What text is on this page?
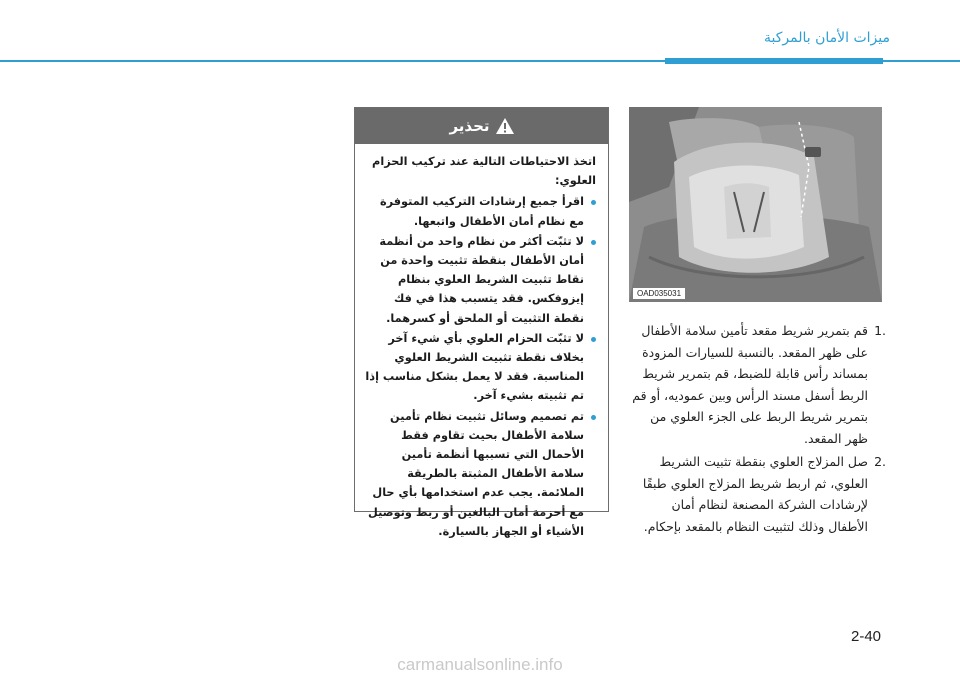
ميزات الأمان بالمركبة
OAD035031
.1
قم بتمرير شريط مقعد تأمين سلامة الأطفال على ظهر المقعد. بالنسبة للسيارات المزودة بمساند رأس قابلة للضبط، قم بتمرير شريط الربط أسفل مسند الرأس وبين عموديه، أو قم بتمرير شريط الربط على الجزء العلوي من ظهر المقعد.
.2
صل المزلاج العلوي بنقطة تثبيت الشريط العلوي، ثم اربط شريط المزلاج العلوي طبقًا لإرشادات الشركة المصنعة لنظام أمان الأطفال وذلك لتثبيت النظام بالمقعد بإحكام.
تحذير

اتخذ الاحتياطات التالية عند تركيب الحزام العلوي:

اقرأ جميع إرشادات التركيب المتوفرة مع نظام أمان الأطفال واتبعها.
لا تثبّت أكثر من نظام واحد من أنظمة أمان الأطفال بنقطة تثبيت واحدة من نقاط تثبيت الشريط العلوي بنظام إيزوفكس. فقد يتسبب هذا في فك نقطة التثبيت أو الملحق أو كسرهما.
لا تثبّت الحزام العلوي بأي شيء آخر بخلاف نقطة تثبيت الشريط العلوي المناسبة. فقد لا يعمل بشكل مناسب إذا تم تثبيته بشيء آخر.
تم تصميم وسائل تثبيت نظام تأمين سلامة الأطفال بحيث تقاوم فقط الأحمال التي تسببها أنظمة تأمين سلامة الأطفال المثبتة بالطريقة الملائمة. يجب عدم استخدامها بأي حال مع أحزمة أمان البالغين أو ربط وتوصيل الأشياء أو الجهاز بالسيارة.
2-40
carmanualsonline.info
